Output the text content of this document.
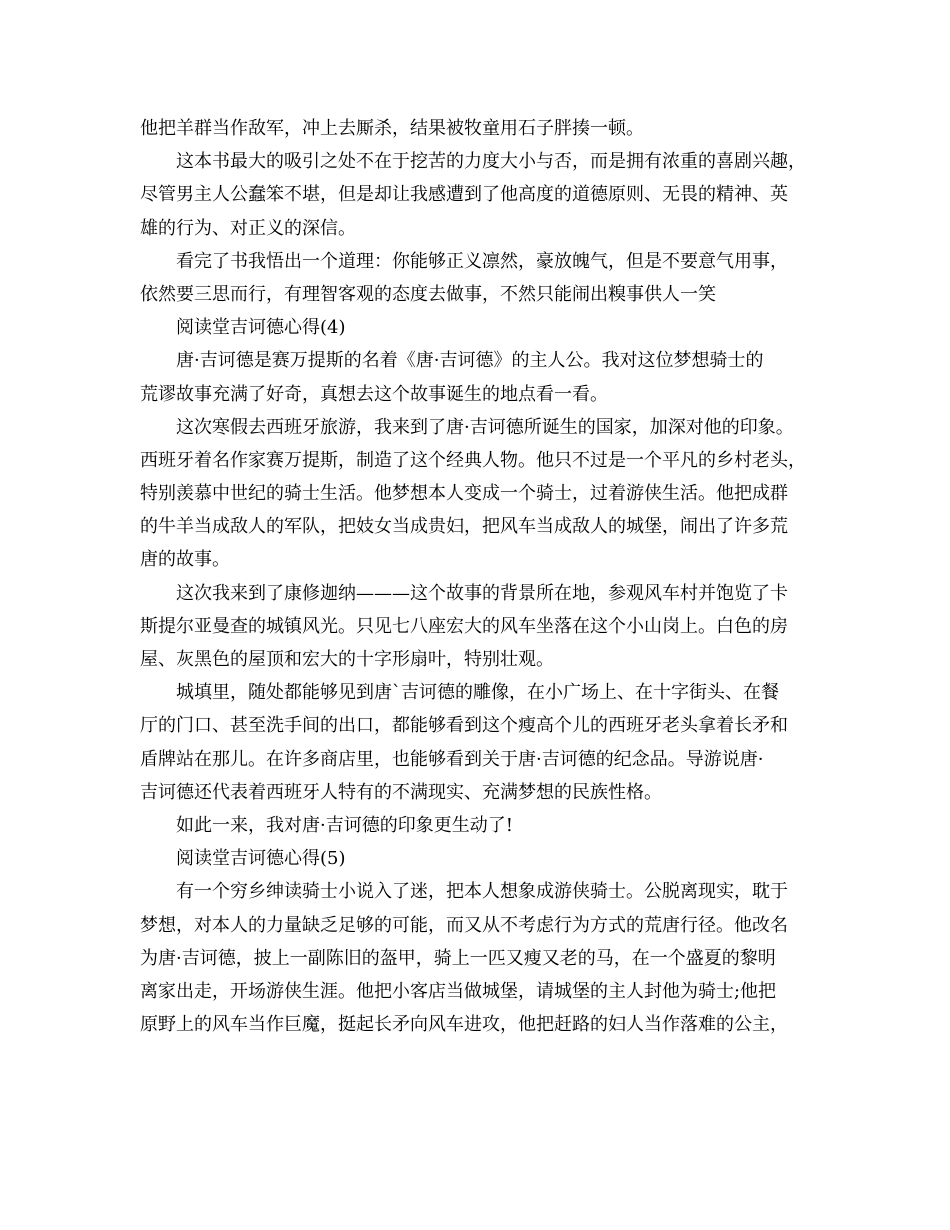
他把羊群当作敌军，冲上去厮杀，结果被牧童用石子胖揍一顿。
这本书最大的吸引之处不在于挖苦的力度大小与否，而是拥有浓重的喜剧兴趣，
尽管男主人公蠢笨不堪，但是却让我感遭到了他高度的道德原则、无畏的精神、英
雄的行为、对正义的深信。
看完了书我悟出一个道理：你能够正义凛然，豪放魄气，但是不要意气用事，
依然要三思而行，有理智客观的态度去做事，不然只能闹出糗事供人一笑
阅读堂吉诃德心得(4)
唐·吉诃德是赛万提斯的名着《唐·吉诃德》的主人公。我对这位梦想骑士的
荒谬故事充满了好奇，真想去这个故事诞生的地点看一看。
这次寒假去西班牙旅游，我来到了唐·吉诃德所诞生的国家，加深对他的印象。
西班牙着名作家赛万提斯，制造了这个经典人物。他只不过是一个平凡的乡村老头，
特别羡慕中世纪的骑士生活。他梦想本人变成一个骑士，过着游侠生活。他把成群
的牛羊当成敌人的军队，把妓女当成贵妇，把风车当成敌人的城堡，闹出了许多荒
唐的故事。
这次我来到了康修迦纳———这个故事的背景所在地，参观风车村并饱览了卡
斯提尔亚曼查的城镇风光。只见七八座宏大的风车坐落在这个小山岗上。白色的房
屋、灰黑色的屋顶和宏大的十字形扇叶，特别壮观。
城填里，随处都能够见到唐`吉诃德的雕像，在小广场上、在十字街头、在餐
厅的门口、甚至洗手间的出口，都能够看到这个瘦高个儿的西班牙老头拿着长矛和
盾牌站在那儿。在许多商店里，也能够看到关于唐·吉诃德的纪念品。导游说唐·
吉诃德还代表着西班牙人特有的不满现实、充满梦想的民族性格。
如此一来，我对唐·吉诃德的印象更生动了!
阅读堂吉诃德心得(5)
有一个穷乡绅读骑士小说入了迷，把本人想象成游侠骑士。公脱离现实，耽于
梦想，对本人的力量缺乏足够的可能，而又从不考虑行为方式的荒唐行径。他改名
为唐·吉诃德，披上一副陈旧的盔甲，骑上一匹又瘦又老的马，在一个盛夏的黎明
离家出走，开场游侠生涯。他把小客店当做城堡，请城堡的主人封他为骑士;他把
原野上的风车当作巨魔，挺起长矛向风车进攻，他把赶路的妇人当作落难的公主，
